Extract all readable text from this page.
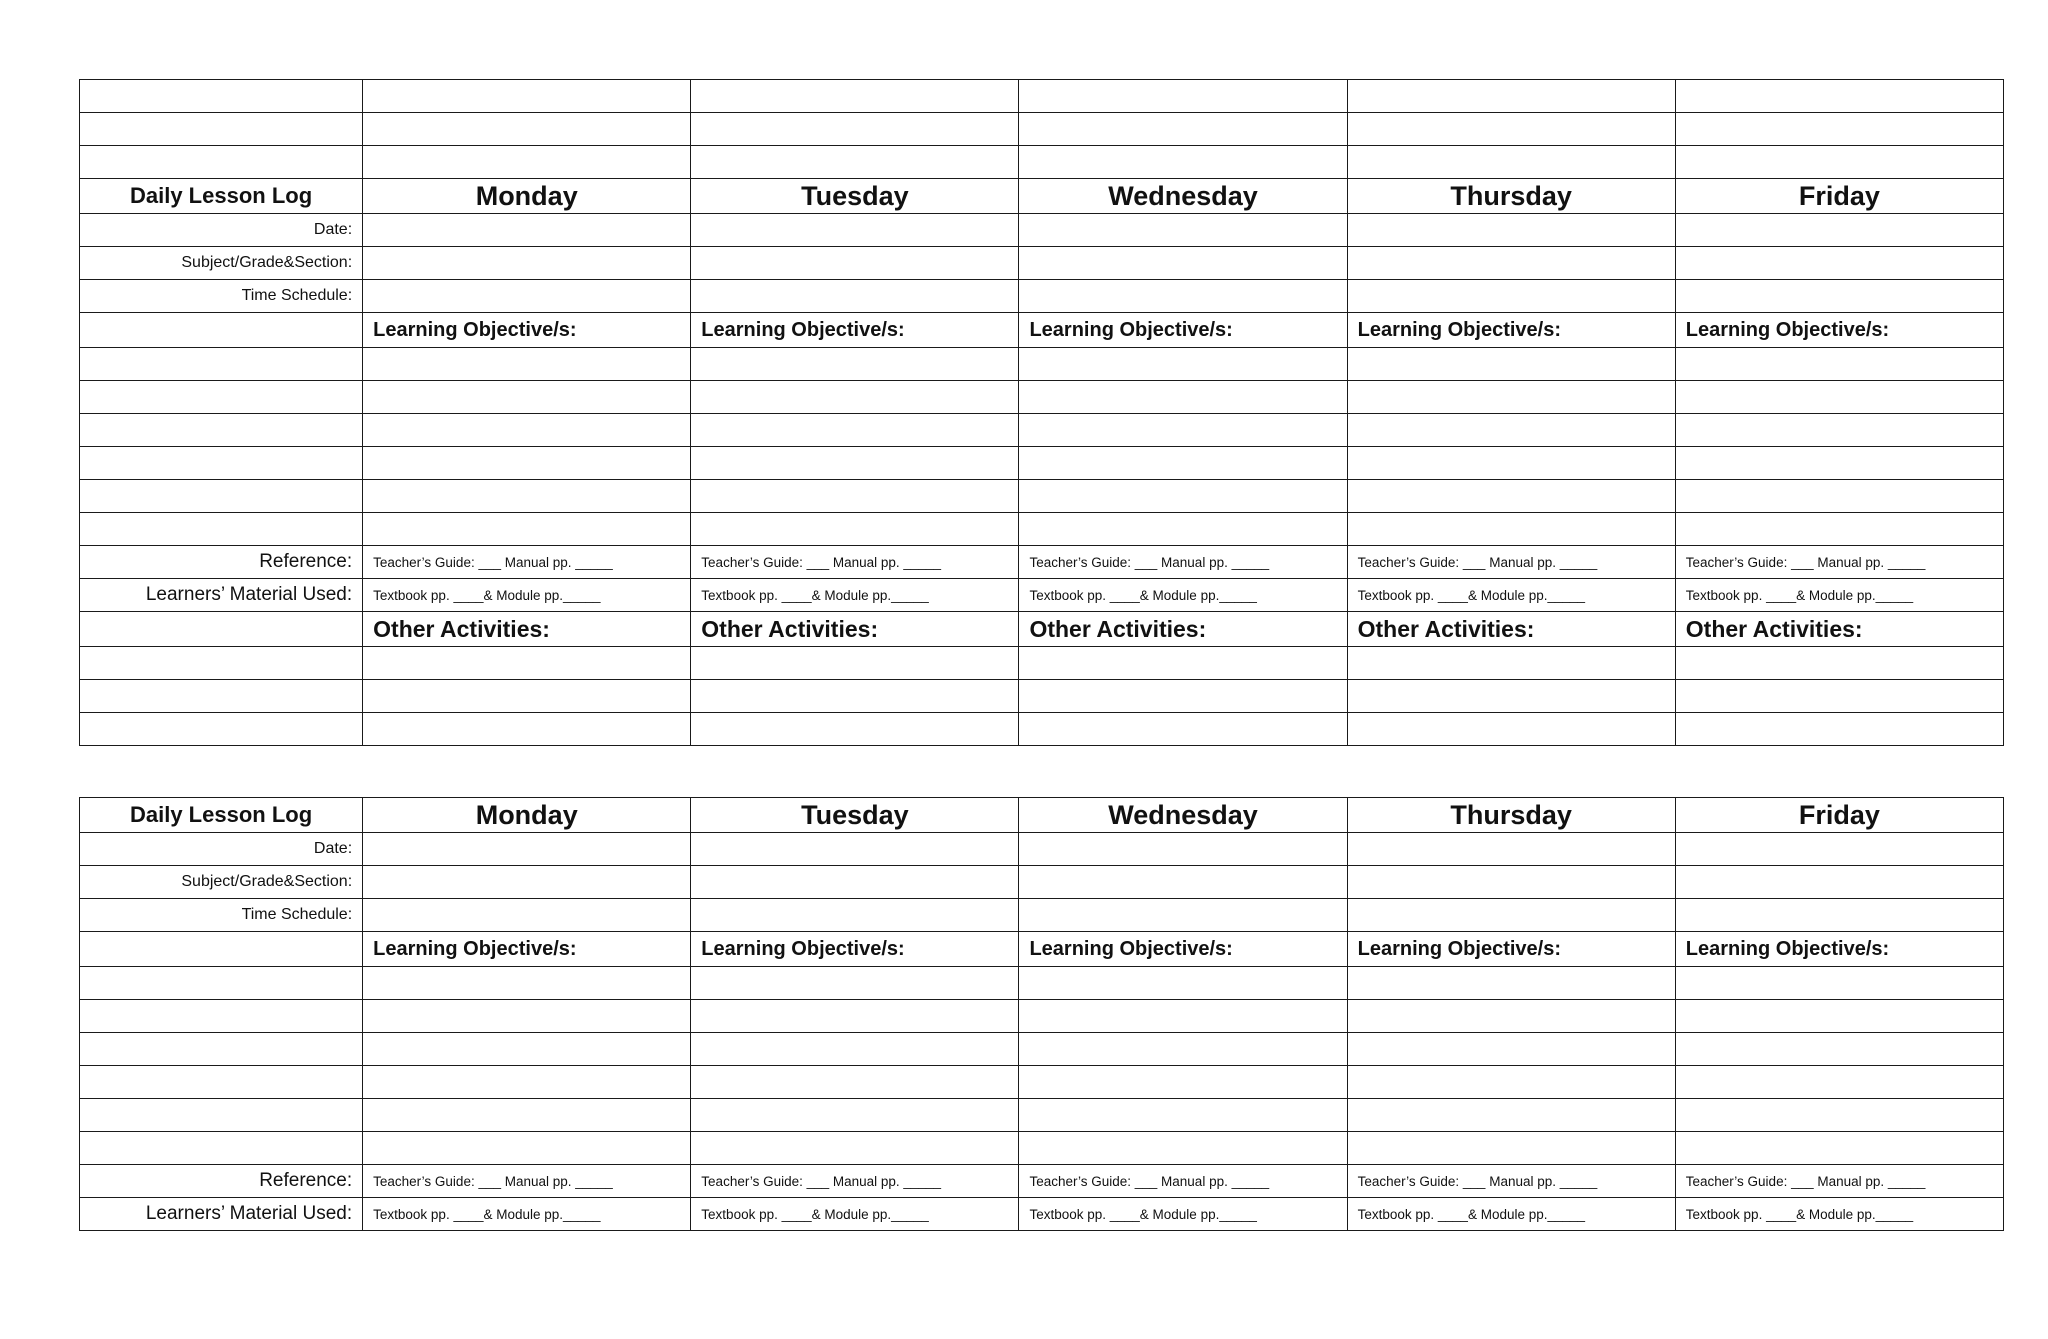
Daily Lesson Log	Monday	Tuesday	Wednesday	Thursday	Friday
Date:					
Subject/Grade&Section:					
Time Schedule:					
	Learning Objective/s:	Learning Objective/s:	Learning Objective/s:	Learning Objective/s:	Learning Objective/s:

Reference:	Teacher’s Guide: ___ Manual pp. _____	Teacher’s Guide: ___ Manual pp. _____	Teacher’s Guide: ___ Manual pp. _____	Teacher’s Guide: ___ Manual pp. _____	Teacher’s Guide: ___ Manual pp. _____
Learners’ Material Used:	Textbook pp. ____& Module pp._____	Textbook pp. ____& Module pp._____	Textbook pp. ____& Module pp._____	Textbook pp. ____& Module pp._____	Textbook pp. ____& Module pp._____
	Other Activities:	Other Activities:	Other Activities:	Other Activities:	Other Activities:

Daily Lesson Log	Monday	Tuesday	Wednesday	Thursday	Friday
Date:					
Subject/Grade&Section:					
Time Schedule:					
	Learning Objective/s:	Learning Objective/s:	Learning Objective/s:	Learning Objective/s:	Learning Objective/s:

Reference:	Teacher’s Guide: ___ Manual pp. _____	Teacher’s Guide: ___ Manual pp. _____	Teacher’s Guide: ___ Manual pp. _____	Teacher’s Guide: ___ Manual pp. _____	Teacher’s Guide: ___ Manual pp. _____
Learners’ Material Used:	Textbook pp. ____& Module pp._____	Textbook pp. ____& Module pp._____	Textbook pp. ____& Module pp._____	Textbook pp. ____& Module pp._____	Textbook pp. ____& Module pp._____
